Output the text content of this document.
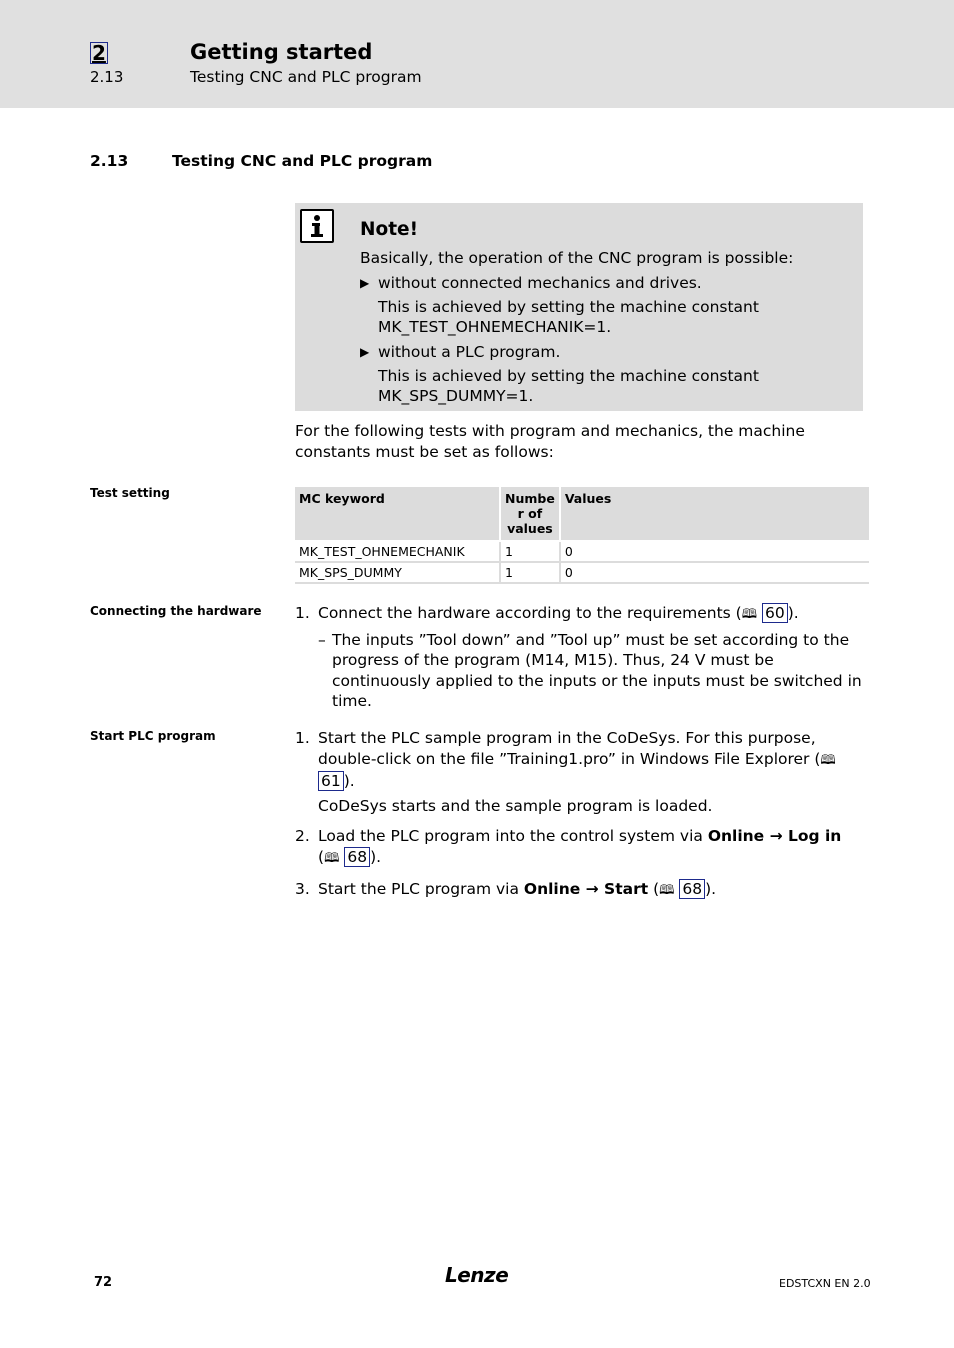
2	Getting started
2.13	Testing CNC and PLC program
2.13	Testing CNC and PLC program
Note!

Basically, the operation of the CNC program is possible:

▶ without connected mechanics and drives.

This is achieved by setting the machine constant MK_TEST_OHNEMECHANIK=1.

▶ without a PLC program.

This is achieved by setting the machine constant MK_SPS_DUMMY=1.

For the following tests with program and mechanics, the machine constants must be set as follows:

Test setting
Connecting the hardware
Start PLC program
MC keyword	Numbe r of values	Values
MK_TEST_OHNEMECHANIK	1	0
MK_SPS_DUMMY	1	0
1. Connect the hardware according to the requirements (🕮 60 ).

– The inputs ”Tool down” and ”Tool up” must be set according to the progress of the program (M14, M15). Thus, 24 V must be continuously applied to the inputs or the inputs must be switched in time.

1. Start the PLC sample program in the CoDeSys. For this purpose, double-click on the file ”Training1.pro” in Windows File Explorer (🕮 61 ).

CoDeSys starts and the sample program is loaded.

2. Load the PLC program into the control system via Online → Log in
(🕮 68 ).

3. Start the PLC program via Online → Start (🕮 68 ).

72	Lenze	EDSTCXN EN 2.0
